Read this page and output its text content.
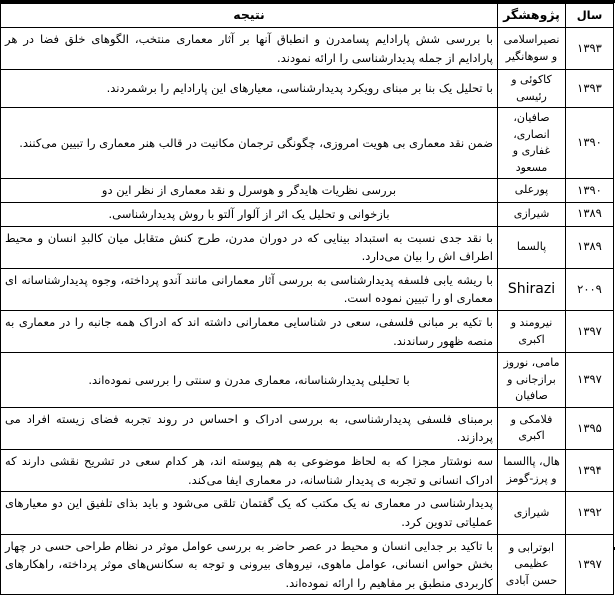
سال	پژوهشگر	نتیجه
۱۳۹۳	نصیراسلامی و سوهانگیر	با بررسی شش پارادایم پسامدرن و انطباق آنها بر آثار معماری منتخب، الگوهای خلق فضا در هر پارادایم از جمله پدیدارشناسی را ارائه نمودند.
۱۳۹۳	کاکوئی و رئیسی	با تحلیل یک بنا بر مبنای رویکرد پدیدارشناسی، معیارهای این پارادایم را برشمردند.
۱۳۹۰	صافیان، انصاری، غفاری و مسعود	ضمن نقد معماری بی هویت امروزی، چگونگی ترجمان مکانیت در قالب هنر معماری را تبیین می‌کنند.
۱۳۹۰	پورعلی	بررسی نظریات هایدگر و هوسرل و نقد معماری از نظر این دو
۱۳۸۹	شیرازی	بازخوانی و تحلیل یک اثر از آلوار آلتو با روش پدیدارشناسی.
۱۳۸۹	پالسما	با نقد جدی نسبت به استبداد بینایی که در دوران مدرن، طرح کنش متقابل میان کالبدِ انسان و محیط اطراف اش را بیان می‌دارد.
۲۰۰۹	Shirazi	با ریشه یابی فلسفه پدیدارشناسی به بررسی آثار معمارانی مانند آندو پرداخته، وجوه پدیدارشناسانه ای معماری او را تبیین نموده است.
۱۳۹۷	نیرومند و اکبری	با تکیه بر مبانی فلسفی، سعی در شناسایی معمارانی داشته اند که ادراک همه جانبه را در معماری به منصه ظهور رساندند.
۱۳۹۷	مامی، نوروز برازجانی و صافیان	با تحلیلی پدیدارشناسانه، معماری مدرن و سنتی را بررسی نموده‌اند.
۱۳۹۵	فلامکی و اکبری	برمبنای فلسفی پدیدارشناسی، به بررسی ادراک و احساس در روند تجربه فضای زیسته افراد می پردازند.
۱۳۹۴	هال، پاالسما و پرز-گومز	سه نوشتار مجزا که به لحاظ موضوعی به هم پیوسته اند، هر کدام سعی در تشریح نقشی دارند که ادراک انسانی و تجربه ی پدیدار شناسانه، در معماری ایفا می‌کند.
۱۳۹۲	شیرازی	پدیدارشناسی در معماری نه یک مکتب که یک گفتمان تلقی می‌شود و باید بذای تلفیق این دو معیارهای عملیاتی تدوین کرد.
۱۳۹۷	ابوترابی و عظیمی حسن آبادی	با تاکید بر جدایی انسان و محیط در عصر حاضر به بررسی عوامل موثر در نظام طراحی حسی در چهار بخش حواس انسانی، عوامل ماهوی، نیروهای بیرونی و توجه به سکانس‌های موثر پرداخته، راهکارهای کاربردی منطبق بر مفاهیم را ارائه نموده‌اند.
